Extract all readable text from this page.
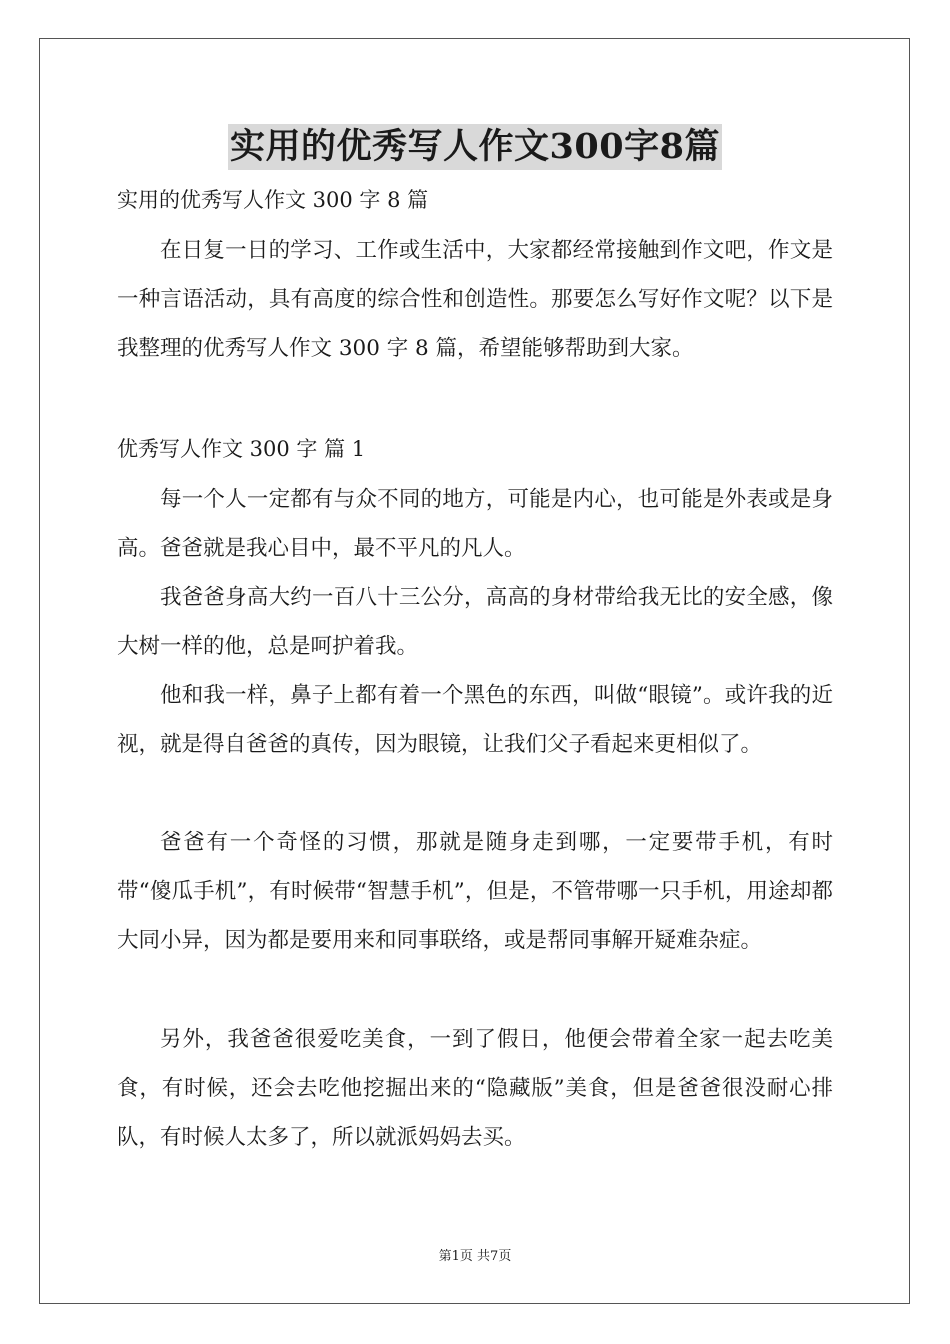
实用的优秀写人作文300字8篇
实用的优秀写人作文 300 字 8 篇

在日复一日的学习、工作或生活中，大家都经常接触到作文吧，作文是一种言语活动，具有高度的综合性和创造性。那要怎么写好作文呢？以下是我整理的优秀写人作文 300 字 8 篇，希望能够帮助到大家。

优秀写人作文 300 字 篇 1

每一个人一定都有与众不同的地方，可能是内心，也可能是外表或是身高。爸爸就是我心目中，最不平凡的凡人。

我爸爸身高大约一百八十三公分，高高的身材带给我无比的安全感，像大树一样的他，总是呵护着我。

他和我一样，鼻子上都有着一个黑色的东西，叫做“眼镜”。或许我的近视，就是得自爸爸的真传，因为眼镜，让我们父子看起来更相似了。

爸爸有一个奇怪的习惯，那就是随身走到哪，一定要带手机，有时带“傻瓜手机”，有时候带“智慧手机”，但是，不管带哪一只手机，用途却都大同小异，因为都是要用来和同事联络，或是帮同事解开疑难杂症。

另外，我爸爸很爱吃美食，一到了假日，他便会带着全家一起去吃美食，有时候，还会去吃他挖掘出来的“隐藏版”美食，但是爸爸很没耐心排队，有时候人太多了，所以就派妈妈去买。

第1页 共7页
